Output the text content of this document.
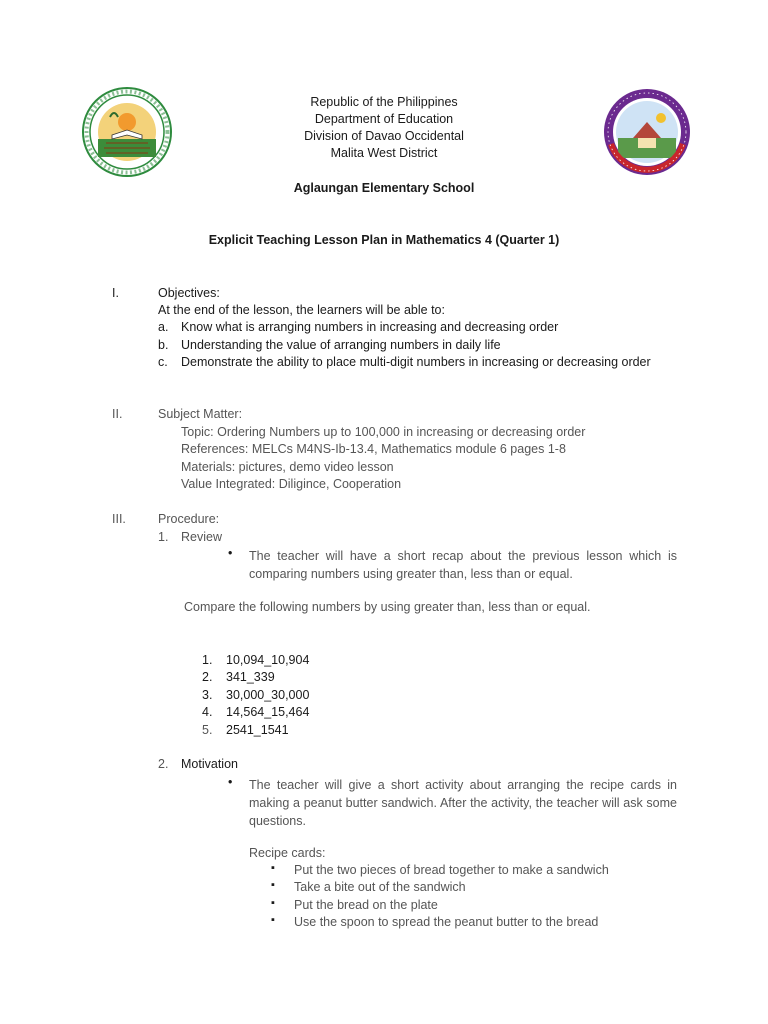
Republic of the Philippines
Department of Education
Division of Davao Occidental
Malita West District
Aglaungan Elementary School
Explicit Teaching Lesson Plan in Mathematics 4 (Quarter 1)
I.	Objectives:
At the end of the lesson, the learners will be able to:
a. Know what is arranging numbers in increasing and decreasing order
b. Understanding the value of arranging numbers in daily life
c. Demonstrate the ability to place multi-digit numbers in increasing or decreasing order
II.	Subject Matter:
Topic: Ordering Numbers up to 100,000 in increasing or decreasing order
References: MELCs M4NS-Ib-13.4, Mathematics module 6 pages 1-8
Materials: pictures, demo video lesson
Value Integrated: Diligince, Cooperation
III.	Procedure:
1. Review
• The teacher will have a short recap about the previous lesson which is comparing numbers using greater than, less than or equal.
Compare the following numbers by using greater than, less than or equal.
1. 10,094_10,904
2. 341_339
3. 30,000_30,000
4. 14,564_15,464
5. 2541_1541
2. Motivation
• The teacher will give a short activity about arranging the recipe cards in making a peanut butter sandwich. After the activity, the teacher will ask some questions.
Recipe cards:
▪ Put the two pieces of bread together to make a sandwich
▪ Take a bite out of the sandwich
▪ Put the bread on the plate
▪ Use the spoon to spread the peanut butter to the bread
